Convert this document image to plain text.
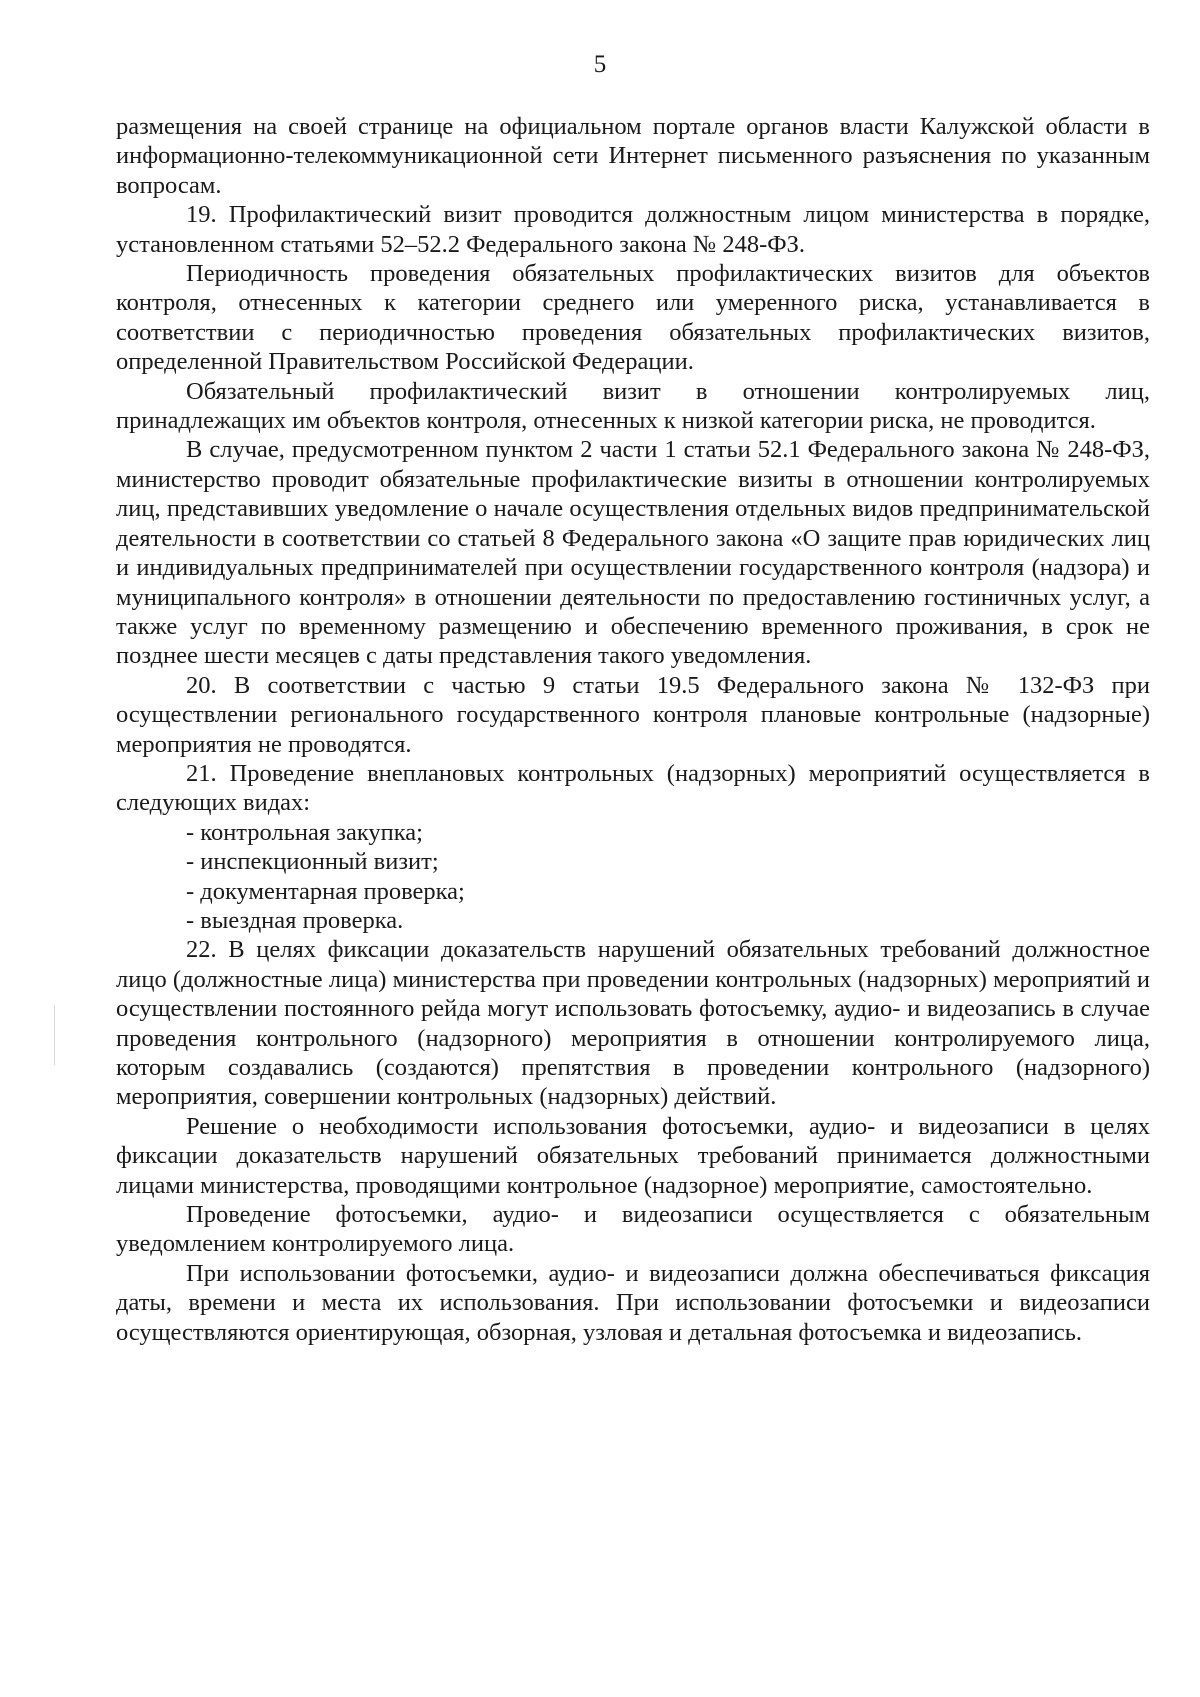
5

размещения на своей странице на официальном портале органов власти Калужской области в информационно-телекоммуникационной сети Интернет письменного разъяснения по указанным вопросам.

19. Профилактический визит проводится должностным лицом министерства в порядке, установленном статьями 52–52.2 Федерального закона № 248-ФЗ.

Периодичность проведения обязательных профилактических визитов для объектов контроля, отнесенных к категории среднего или умеренного риска, устанавливается в соответствии с периодичностью проведения обязательных профилактических визитов, определенной Правительством Российской Федерации.

Обязательный профилактический визит в отношении контролируемых лиц, принадлежащих им объектов контроля, отнесенных к низкой категории риска, не проводится.

В случае, предусмотренном пунктом 2 части 1 статьи 52.1 Федерального закона № 248-ФЗ, министерство проводит обязательные профилактические визиты в отношении контролируемых лиц, представивших уведомление о начале осуществления отдельных видов предпринимательской деятельности в соответствии со статьей 8 Федерального закона «О защите прав юридических лиц и индивидуальных предпринимателей при осуществлении государственного контроля (надзора) и муниципального контроля» в отношении деятельности по предоставлению гостиничных услуг, а также услуг по временному размещению и обеспечению временного проживания, в срок не позднее шести месяцев с даты представления такого уведомления.

20. В соответствии с частью 9 статьи 19.5 Федерального закона № 132-ФЗ при осуществлении регионального государственного контроля плановые контрольные (надзорные) мероприятия не проводятся.

21. Проведение внеплановых контрольных (надзорных) мероприятий осуществляется в следующих видах:

- контрольная закупка;

- инспекционный визит;

- документарная проверка;

- выездная проверка.

22. В целях фиксации доказательств нарушений обязательных требований должностное лицо (должностные лица) министерства при проведении контрольных (надзорных) мероприятий и осуществлении постоянного рейда могут использовать фотосъемку, аудио- и видеозапись в случае проведения контрольного (надзорного) мероприятия в отношении контролируемого лица, которым создавались (создаются) препятствия в проведении контрольного (надзорного) мероприятия, совершении контрольных (надзорных) действий.

Решение о необходимости использования фотосъемки, аудио- и видеозаписи в целях фиксации доказательств нарушений обязательных требований принимается должностными лицами министерства, проводящими контрольное (надзорное) мероприятие, самостоятельно.

Проведение фотосъемки, аудио- и видеозаписи осуществляется с обязательным уведомлением контролируемого лица.

При использовании фотосъемки, аудио- и видеозаписи должна обеспечиваться фиксация даты, времени и места их использования. При использовании фотосъемки и видеозаписи осуществляются ориентирующая, обзорная, узловая и детальная фотосъемка и видеозапись.
